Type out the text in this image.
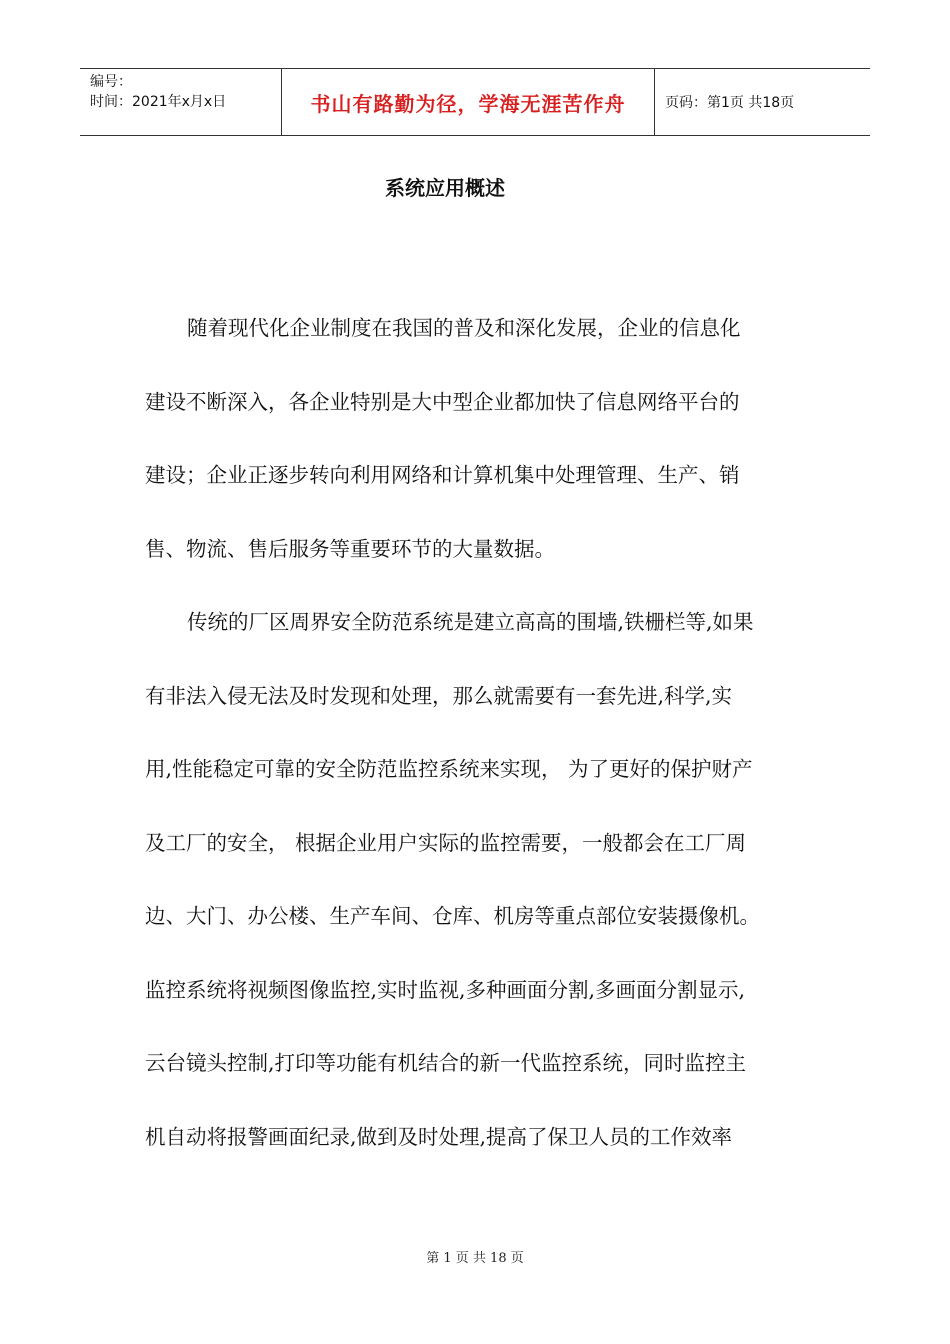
编号：
时间：2021年x月x日	书山有路勤为径，学海无涯苦作舟	页码：第1页 共18页
系统应用概述
随着现代化企业制度在我国的普及和深化发展，企业的信息化
建设不断深入，各企业特别是大中型企业都加快了信息网络平台的
建设；企业正逐步转向利用网络和计算机集中处理管理、生产、销
售、物流、售后服务等重要环节的大量数据。
传统的厂区周界安全防范系统是建立高高的围墙,铁栅栏等,如果
有非法入侵无法及时发现和处理，那么就需要有一套先进,科学,实
用,性能稳定可靠的安全防范监控系统来实现， 为了更好的保护财产
及工厂的安全， 根据企业用户实际的监控需要，一般都会在工厂周
边、大门、办公楼、生产车间、仓库、机房等重点部位安装摄像机。
监控系统将视频图像监控,实时监视,多种画面分割,多画面分割显示,
云台镜头控制,打印等功能有机结合的新一代监控系统，同时监控主
机自动将报警画面纪录,做到及时处理,提高了保卫人员的工作效率
第 1 页 共 18 页
